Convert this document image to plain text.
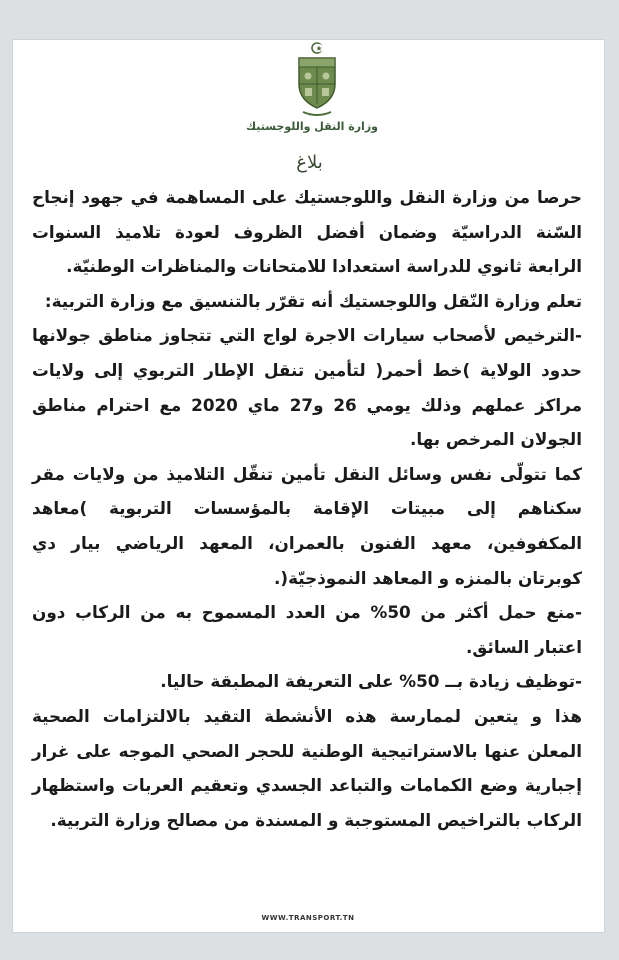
وزارة النقل واللوجستيك
بلاغ

حرصا من وزارة النقل واللوجستيك على المساهمة في جهود إنجاح السّنة الدراسيّة وضمان أفضل الظروف لعودة تلاميذ السنوات الرابعة ثانوي للدراسة استعدادا للامتحانات والمناظرات الوطنيّة.

تعلم وزارة النّقل واللوجستيك أنه تقرّر بالتنسيق مع وزارة التربية:

-الترخيص لأصحاب سيارات الاجرة لواج التي تتجاوز مناطق جولانها حدود الولاية )خط أحمر( لتأمين تنقل الإطار التربوي إلى ولايات مراكز عملهم وذلك يومي 26 و27 ماي 2020 مع احترام مناطق الجولان المرخص بها.

كما تتولّى نفس وسائل النقل تأمين تنقّل التلاميذ من ولايات مقر سكناهم إلى مبيتات الإقامة بالمؤسسات التربوية )معاهد المكفوفين، معهد الفنون بالعمران، المعهد الرياضي بيار دي كوبرتان بالمنزه و المعاهد النموذجيّة(.

-منع حمل أكثر من 50% من العدد المسموح به من الركاب دون اعتبار السائق.

-توظيف زيادة بــ 50% على التعريفة المطبقة حاليا.

هذا و يتعين لممارسة هذه الأنشطة التقيد بالالتزامات الصحية المعلن عنها بالاستراتيجية الوطنية للحجر الصحي الموجه على غرار إجبارية وضع الكمامات والتباعد الجسدي وتعقيم العربات واستظهار الركاب بالتراخيص المستوجبة و المسندة من مصالح وزارة التربية.

WWW.TRANSPORT.TN
